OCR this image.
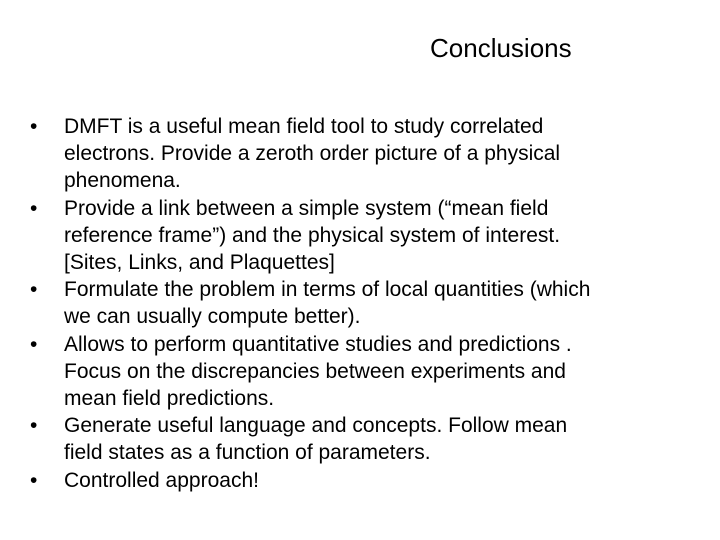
Conclusions
•	DMFT is a useful mean field tool to study correlated
electrons. Provide a zeroth order picture of a physical
phenomena.
•	Provide a link between a simple system (“mean field
reference frame”) and the physical system of interest.
[Sites, Links, and Plaquettes]
•	Formulate the problem in terms of local quantities (which
we can usually compute better).
•	Allows to perform quantitative studies and predictions .
Focus on the discrepancies between experiments and
mean field predictions.
•	Generate useful language and concepts. Follow mean
field states as a function of parameters.
•	Controlled approach!
